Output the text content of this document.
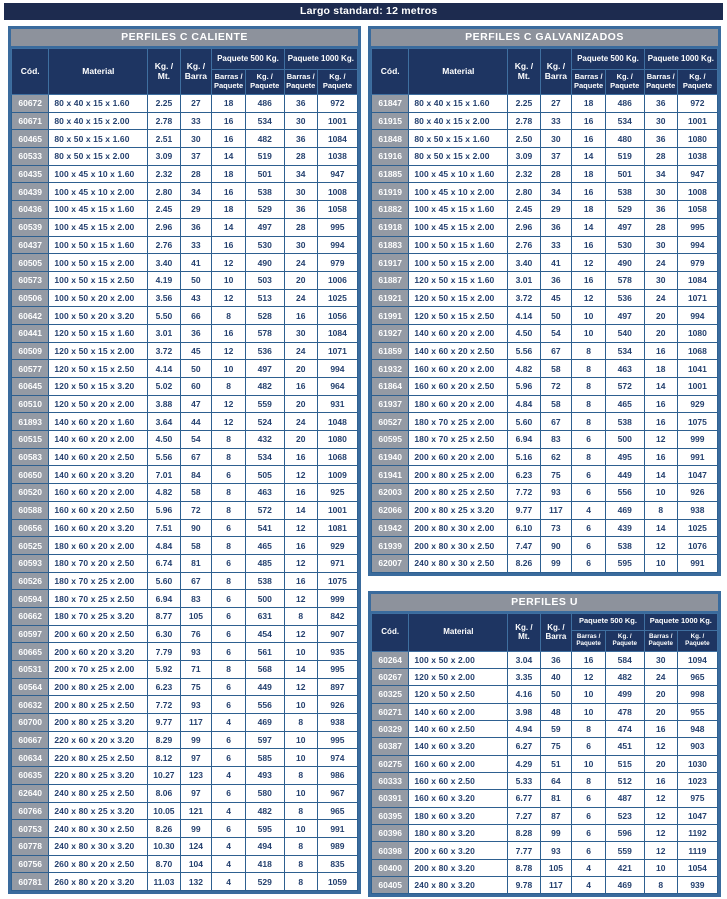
Largo standard: 12 metros
PERFILES C CALIENTE
Cód.	Material	Kg. / Mt.	Kg. / Barra	Paquete 500 Kg.		Paquete 1000 Kg.	
				Barras / Paquete	Kg. / Paquete	Barras / Paquete	Kg. / Paquete
60672	80 x 40 x 15 x 1.60	2.25	27	18	486	36	972
60671	80 x 40 x 15 x 2.00	2.78	33	16	534	30	1001
60465	80 x 50 x 15 x 1.60	2.51	30	16	482	36	1084
60533	80 x 50 x 15 x 2.00	3.09	37	14	519	28	1038
60435	100 x 45 x 10 x 1.60	2.32	28	18	501	34	947
60439	100 x 45 x 10 x 2.00	2.80	34	16	538	30	1008
60436	100 x 45 x 15 x 1.60	2.45	29	18	529	36	1058
60539	100 x 45 x 15 x 2.00	2.96	36	14	497	28	995
60437	100 x 50 x 15 x 1.60	2.76	33	16	530	30	994
60505	100 x 50 x 15 x 2.00	3.40	41	12	490	24	979
60573	100 x 50 x 15 x 2.50	4.19	50	10	503	20	1006
60506	100 x 50 x 20 x 2.00	3.56	43	12	513	24	1025
60642	100 x 50 x 20 x 3.20	5.50	66	8	528	16	1056
60441	120 x 50 x 15 x 1.60	3.01	36	16	578	30	1084
60509	120 x 50 x 15 x 2.00	3.72	45	12	536	24	1071
60577	120 x 50 x 15 x 2.50	4.14	50	10	497	20	994
60645	120 x 50 x 15 x 3.20	5.02	60	8	482	16	964
60510	120 x 50 x 20 x 2.00	3.88	47	12	559	20	931
61893	140 x 60 x 20 x 1.60	3.64	44	12	524	24	1048
60515	140 x 60 x 20 x 2.00	4.50	54	8	432	20	1080
60583	140 x 60 x 20 x 2.50	5.56	67	8	534	16	1068
60650	140 x 60 x 20 x 3.20	7.01	84	6	505	12	1009
60520	160 x 60 x 20 x 2.00	4.82	58	8	463	16	925
60588	160 x 60 x 20 x 2.50	5.96	72	8	572	14	1001
60656	160 x 60 x 20 x 3.20	7.51	90	6	541	12	1081
60525	180 x 60 x 20 x 2.00	4.84	58	8	465	16	929
60593	180 x 70 x 20 x 2.50	6.74	81	6	485	12	971
60526	180 x 70 x 25 x 2.00	5.60	67	8	538	16	1075
60594	180 x 70 x 25 x 2.50	6.94	83	6	500	12	999
60662	180 x 70 x 25 x 3.20	8.77	105	6	631	8	842
60597	200 x 60 x 20 x 2.50	6.30	76	6	454	12	907
60665	200 x 60 x 20 x 3.20	7.79	93	6	561	10	935
60531	200 x 70 x 25 x 2.00	5.92	71	8	568	14	995
60564	200 x 80 x 25 x 2.00	6.23	75	6	449	12	897
60632	200 x 80 x 25 x 2.50	7.72	93	6	556	10	926
60700	200 x 80 x 25 x 3.20	9.77	117	4	469	8	938
60667	220 x 60 x 20 x 3.20	8.29	99	6	597	10	995
60634	220 x 80 x 25 x 2.50	8.12	97	6	585	10	974
60635	220 x 80 x 25 x 3.20	10.27	123	4	493	8	986
62640	240 x 80 x 25 x 2.50	8.06	97	6	580	10	967
60766	240 x 80 x 25 x 3.20	10.05	121	4	482	8	965
60753	240 x 80 x 30 x 2.50	8.26	99	6	595	10	991
60778	240 x 80 x 30 x 3.20	10.30	124	4	494	8	989
60756	260 x 80 x 20 x 2.50	8.70	104	4	418	8	835
60781	260 x 80 x 20 x 3.20	11.03	132	4	529	8	1059
PERFILES C GALVANIZADOS
Cód.	Material	Kg. / Mt.	Kg. / Barra	Paquete 500 Kg.		Paquete 1000 Kg.	
				Barras / Paquete	Kg. / Paquete	Barras / Paquete	Kg. / Paquete
61847	80 x 40 x 15 x 1.60	2.25	27	18	486	36	972
61915	80 x 40 x 15 x 2.00	2.78	33	16	534	30	1001
61848	80 x 50 x 15 x 1.60	2.50	30	16	480	36	1080
61916	80 x 50 x 15 x 2.00	3.09	37	14	519	28	1038
61885	100 x 45 x 10 x 1.60	2.32	28	18	501	34	947
61919	100 x 45 x 10 x 2.00	2.80	34	16	538	30	1008
61882	100 x 45 x 15 x 1.60	2.45	29	18	529	36	1058
61918	100 x 45 x 15 x 2.00	2.96	36	14	497	28	995
61883	100 x 50 x 15 x 1.60	2.76	33	16	530	30	994
61917	100 x 50 x 15 x 2.00	3.40	41	12	490	24	979
61887	120 x 50 x 15 x 1.60	3.01	36	16	578	30	1084
61921	120 x 50 x 15 x 2.00	3.72	45	12	536	24	1071
61991	120 x 50 x 15 x 2.50	4.14	50	10	497	20	994
61927	140 x 60 x 20 x 2.00	4.50	54	10	540	20	1080
61859	140 x 60 x 20 x 2.50	5.56	67	8	534	16	1068
61932	160 x 60 x 20 x 2.00	4.82	58	8	463	18	1041
61864	160 x 60 x 20 x 2.50	5.96	72	8	572	14	1001
61937	180 x 60 x 20 x 2.00	4.84	58	8	465	16	929
60527	180 x 70 x 25 x 2.00	5.60	67	8	538	16	1075
60595	180 x 70 x 25 x 2.50	6.94	83	6	500	12	999
61940	200 x 60 x 20 x 2.00	5.16	62	8	495	16	991
61941	200 x 80 x 25 x 2.00	6.23	75	6	449	14	1047
62003	200 x 80 x 25 x 2.50	7.72	93	6	556	10	926
62066	200 x 80 x 25 x 3.20	9.77	117	4	469	8	938
61942	200 x 80 x 30 x 2.00	6.10	73	6	439	14	1025
61939	200 x 80 x 30 x 2.50	7.47	90	6	538	12	1076
62007	240 x 80 x 30 x 2.50	8.26	99	6	595	10	991
PERFILES U
Cód.	Material	Kg. / Mt.	Kg. / Barra	Paquete 500 Kg.		Paquete 1000 Kg.	
				Barras / Paquete	Kg. / Paquete	Barras / Paquete	Kg. / Paquete
60264	100 x 50 x 2.00	3.04	36	16	584	30	1094
60267	120 x 50 x 2.00	3.35	40	12	482	24	965
60325	120 x 50 x 2.50	4.16	50	10	499	20	998
60271	140 x 60 x 2.00	3.98	48	10	478	20	955
60329	140 x 60 x 2.50	4.94	59	8	474	16	948
60387	140 x 60 x 3.20	6.27	75	6	451	12	903
60275	160 x 60 x 2.00	4.29	51	10	515	20	1030
60333	160 x 60 x 2.50	5.33	64	8	512	16	1023
60391	160 x 60 x 3.20	6.77	81	6	487	12	975
60395	180 x 60 x 3.20	7.27	87	6	523	12	1047
60396	180 x 80 x 3.20	8.28	99	6	596	12	1192
60398	200 x 60 x 3.20	7.77	93	6	559	12	1119
60400	200 x 80 x 3.20	8.78	105	4	421	10	1054
60405	240 x 80 x 3.20	9.78	117	4	469	8	939
